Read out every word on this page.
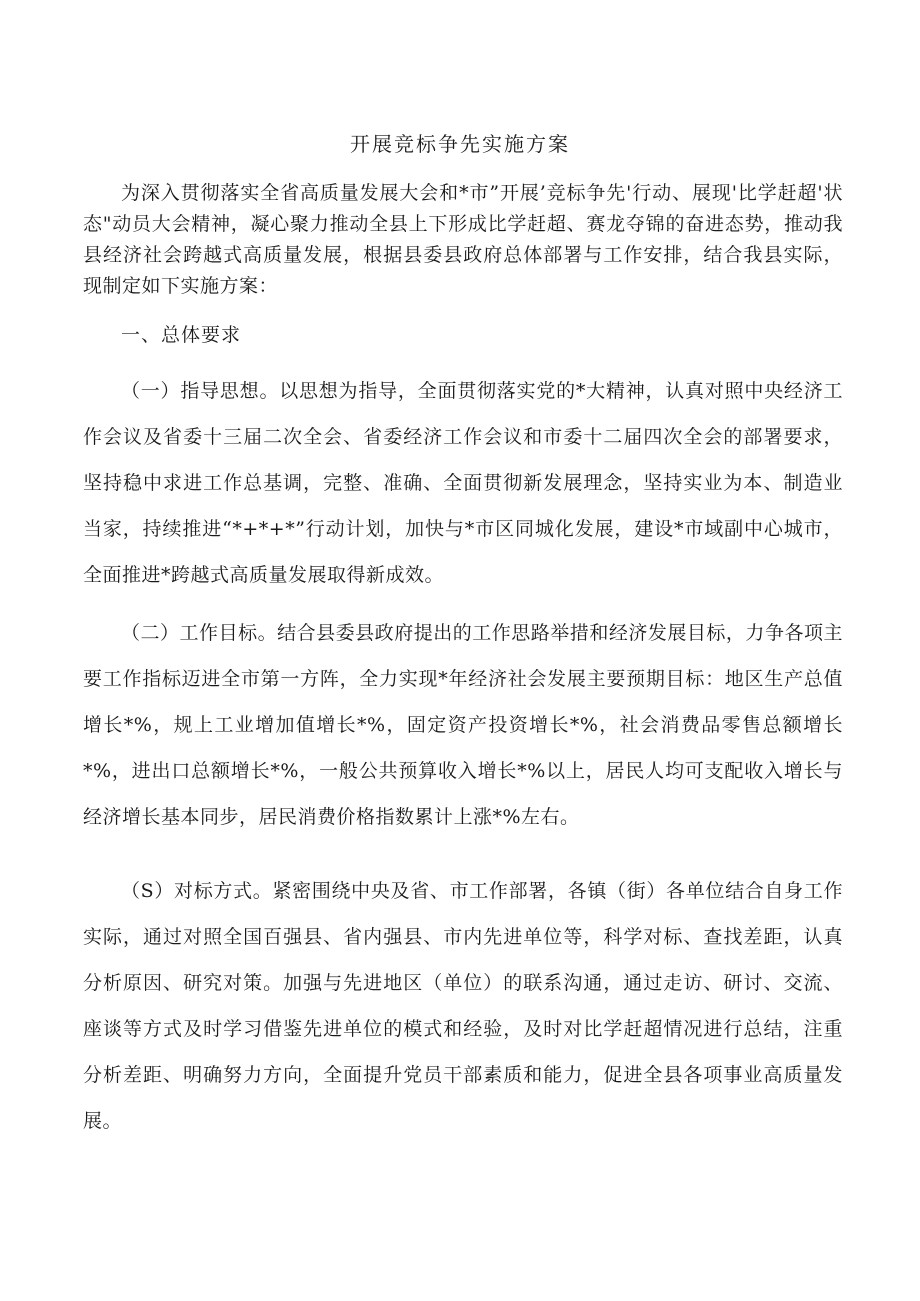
开展竞标争先实施方案

为深入贯彻落实全省高质量发展大会和*市”开展’竞标争先'行动、展现'比学赶超'状态"动员大会精神，凝心聚力推动全县上下形成比学赶超、赛龙夺锦的奋进态势，推动我县经济社会跨越式高质量发展，根据县委县政府总体部署与工作安排，结合我县实际，现制定如下实施方案：

一、总体要求

（一）指导思想。以思想为指导，全面贯彻落实党的*大精神，认真对照中央经济工作会议及省委十三届二次全会、省委经济工作会议和市委十二届四次全会的部署要求，坚持稳中求进工作总基调，完整、准确、全面贯彻新发展理念，坚持实业为本、制造业当家，持续推进“*+*+*”行动计划，加快与*市区同城化发展，建设*市域副中心城市，全面推进*跨越式高质量发展取得新成效。

（二）工作目标。结合县委县政府提出的工作思路举措和经济发展目标，力争各项主要工作指标迈进全市第一方阵，全力实现*年经济社会发展主要预期目标：地区生产总值增长*%，规上工业增加值增长*%，固定资产投资增长*%，社会消费品零售总额增长*%，进出口总额增长*%，一般公共预算收入增长*%以上，居民人均可支配收入增长与经济增长基本同步，居民消费价格指数累计上涨*%左右。

（S）对标方式。紧密围绕中央及省、市工作部署，各镇（街）各单位结合自身工作实际，通过对照全国百强县、省内强县、市内先进单位等，科学对标、查找差距，认真分析原因、研究对策。加强与先进地区（单位）的联系沟通，通过走访、研讨、交流、座谈等方式及时学习借鉴先进单位的模式和经验，及时对比学赶超情况进行总结，注重分析差距、明确努力方向，全面提升党员干部素质和能力，促进全县各项事业高质量发展。
